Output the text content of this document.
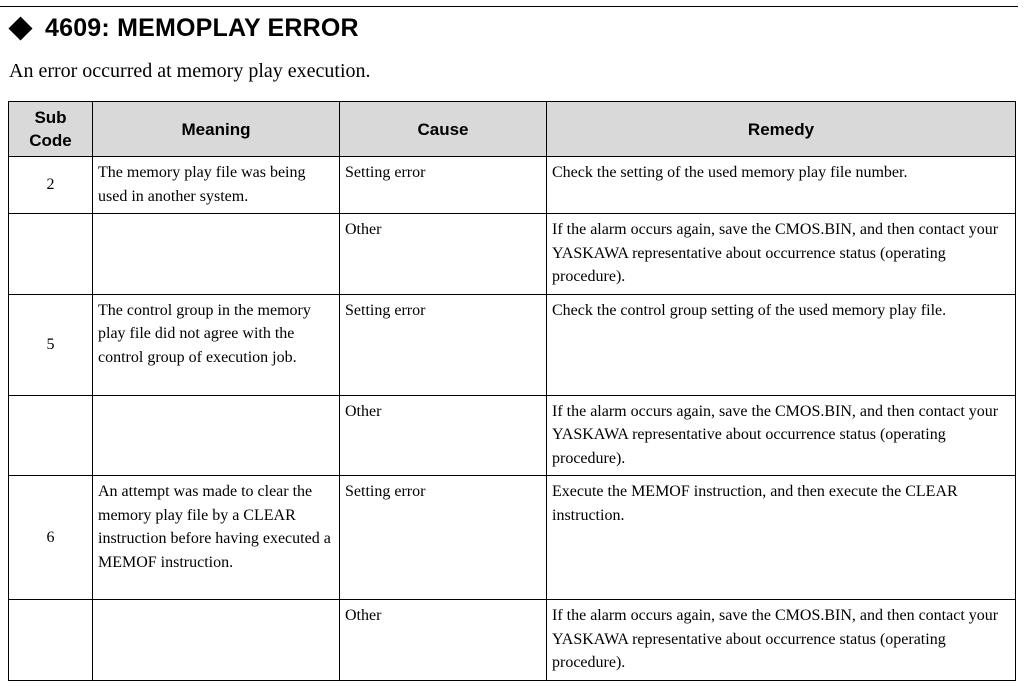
4609: MEMOPLAY ERROR
An error occurred at memory play execution.
Sub
Code	Meaning	Cause	Remedy
2	The memory play file was being used in another system.	Setting error	Check the setting of the used memory play file number.
		Other	If the alarm occurs again, save the CMOS.BIN, and then contact your YASKAWA representative about occurrence status (operating procedure).
5	The control group in the memory play file did not agree with the control group of execution job.	Setting error	Check the control group setting of the used memory play file.
		Other	If the alarm occurs again, save the CMOS.BIN, and then contact your YASKAWA representative about occurrence status (operating procedure).
6	An attempt was made to clear the memory play file by a CLEAR instruction before having executed a MEMOF instruction.	Setting error	Execute the MEMOF instruction, and then execute the CLEAR instruction.
		Other	If the alarm occurs again, save the CMOS.BIN, and then contact your YASKAWA representative about occurrence status (operating procedure).
